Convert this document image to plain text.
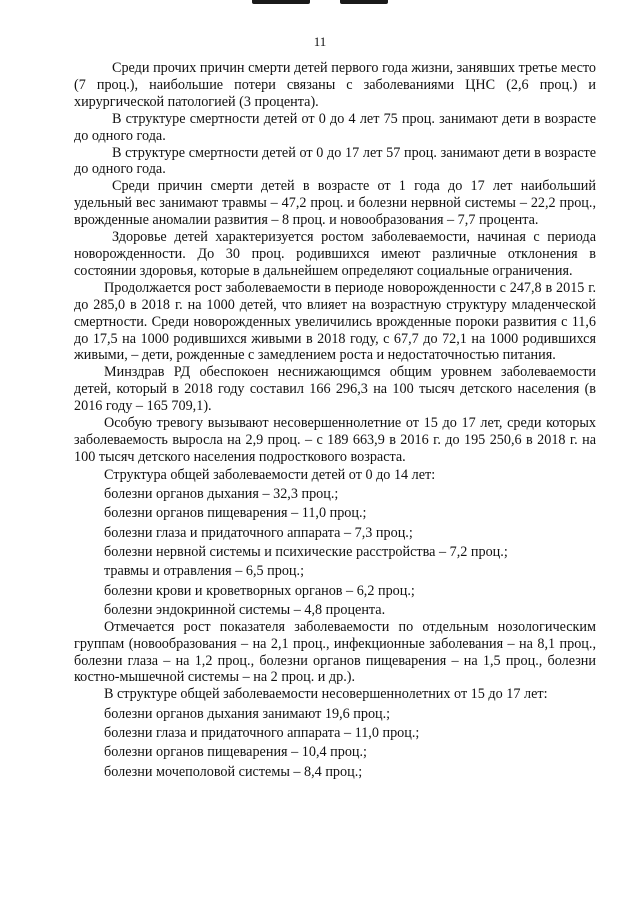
11

Среди прочих причин смерти детей первого года жизни, занявших третье место (7 проц.), наибольшие потери связаны с заболеваниями ЦНС (2,6 проц.) и хирургической патологией (3 процента).

В структуре смертности детей от 0 до 4 лет 75 проц. занимают дети в возрасте до одного года.

В структуре смертности детей от 0 до 17 лет 57 проц. занимают дети в возрасте до одного года.

Среди причин смерти детей в возрасте от 1 года до 17 лет наибольший удельный вес занимают травмы – 47,2 проц. и болезни нервной системы – 22,2 проц., врожденные аномалии развития – 8 проц. и новообразования – 7,7 процента.

Здоровье детей характеризуется ростом заболеваемости, начиная с периода новорожденности. До 30 проц. родившихся имеют различные отклонения в состоянии здоровья, которые в дальнейшем определяют социальные ограничения.

Продолжается рост заболеваемости в периоде новорожденности с 247,8 в 2015 г. до 285,0 в 2018 г. на 1000 детей, что влияет на возрастную структуру младенческой смертности. Среди новорожденных увеличились врожденные пороки развития с 11,6 до 17,5 на 1000 родившихся живыми в 2018 году, с 67,7 до 72,1 на 1000 родившихся живыми, – дети, рожденные с замедлением роста и недостаточностью питания.

Минздрав РД обеспокоен неснижающимся общим уровнем заболеваемости детей, который в 2018 году составил 166 296,3 на 100 тысяч детского населения (в 2016 году – 165 709,1).

Особую тревогу вызывают несовершеннолетние от 15 до 17 лет, среди которых заболеваемость выросла на 2,9 проц. – с 189 663,9 в 2016 г. до 195 250,6 в 2018 г. на 100 тысяч детского населения подросткового возраста.

Структура общей заболеваемости детей от 0 до 14 лет:

болезни органов дыхания – 32,3 проц.;

болезни органов пищеварения – 11,0 проц.;

болезни глаза и придаточного аппарата – 7,3 проц.;

болезни нервной системы и психические расстройства – 7,2 проц.;

травмы и отравления – 6,5 проц.;

болезни крови и кроветворных органов – 6,2 проц.;

болезни эндокринной системы – 4,8 процента.

Отмечается рост показателя заболеваемости по отдельным нозологическим группам (новообразования – на 2,1 проц., инфекционные заболевания – на 8,1 проц., болезни глаза – на 1,2 проц., болезни органов пищеварения – на 1,5 проц., болезни костно-мышечной системы – на 2 проц. и др.).

В структуре общей заболеваемости несовершеннолетних от 15 до 17 лет:

болезни органов дыхания занимают 19,6 проц.;

болезни глаза и придаточного аппарата – 11,0 проц.;

болезни органов пищеварения – 10,4 проц.;

болезни мочеполовой системы – 8,4 проц.;
